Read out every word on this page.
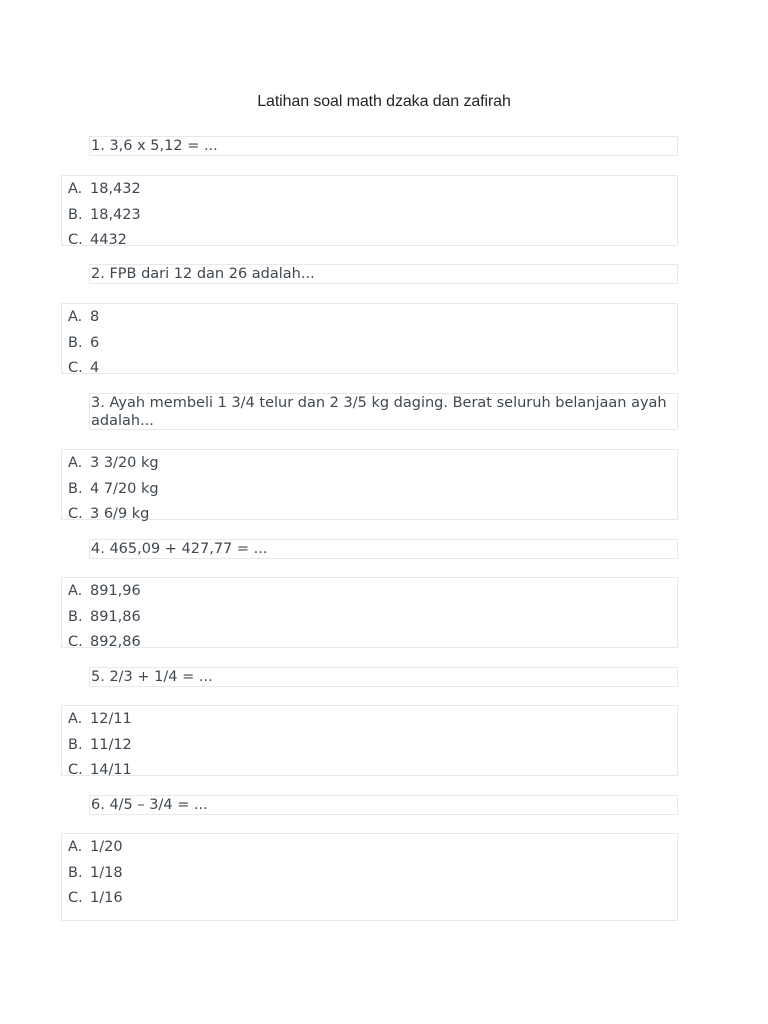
Latihan soal math dzaka dan zafirah
1. 3,6 x 5,12 = ...
A. 18,432
B. 18,423
C. 4432
2. FPB dari 12 dan 26 adalah...
A. 8
B. 6
C. 4
3. Ayah membeli 1 3/4 telur dan 2 3/5 kg daging. Berat seluruh belanjaan ayah adalah...
A. 3 3/20 kg
B. 4 7/20 kg
C. 3 6/9 kg
4. 465,09 + 427,77 = ...
A. 891,96
B. 891,86
C. 892,86
5. 2/3 + 1/4 = ...
A. 12/11
B. 11/12
C. 14/11
6. 4/5 – 3/4 = ...
A. 1/20
B. 1/18
C. 1/16
